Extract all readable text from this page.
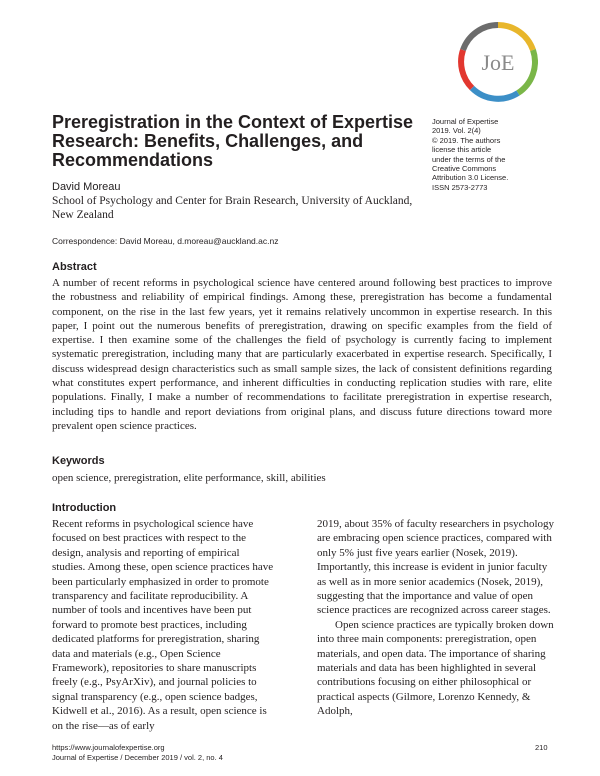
JoE
Preregistration in the Context of Expertise Research: Benefits, Challenges, and Recommendations
Journal of Expertise
2019. Vol. 2(4)
© 2019. The authors
license this article
under the terms of the
Creative Commons
Attribution 3.0 License.
ISSN 2573-2773
David Moreau
School of Psychology and Center for Brain Research, University of Auckland, New Zealand
Correspondence: David Moreau, d.moreau@auckland.ac.nz
Abstract

A number of recent reforms in psychological science have centered around following best practices to improve the robustness and reliability of empirical findings. Among these, preregistration has become a fundamental component, on the rise in the last few years, yet it remains relatively uncommon in expertise research. In this paper, I point out the numerous benefits of preregistration, drawing on specific examples from the field of expertise. I then examine some of the challenges the field of psychology is currently facing to implement systematic preregistration, including many that are particularly exacerbated in expertise research. Specifically, I discuss widespread design characteristics such as small sample sizes, the lack of consistent definitions regarding what constitutes expert performance, and inherent difficulties in conducting replication studies with rare, elite populations. Finally, I make a number of recommendations to facilitate preregistration in expertise research, including tips to handle and report deviations from original plans, and discuss future directions toward more prevalent open science practices.

Keywords
open science, preregistration, elite performance, skill, abilities
Introduction

Recent reforms in psychological science have focused on best practices with respect to the design, analysis and reporting of empirical studies. Among these, open science practices have been particularly emphasized in order to promote transparency and facilitate reproducibility. A number of tools and incentives have been put forward to promote best practices, including dedicated platforms for preregistration, sharing data and materials (e.g., Open Science Framework), repositories to share manuscripts freely (e.g., PsyArXiv), and journal policies to signal transparency (e.g., open science badges, Kidwell et al., 2016). As a result, open science is on the rise—as of early

2019, about 35% of faculty researchers in psychology are embracing open science practices, compared with only 5% just five years earlier (Nosek, 2019). Importantly, this increase is evident in junior faculty as well as in more senior academics (Nosek, 2019), suggesting that the importance and value of open science practices are recognized across career stages.

Open science practices are typically broken down into three main components: preregistration, open materials, and open data. The importance of sharing materials and data has been highlighted in several contributions focusing on either philosophical or practical aspects (Gilmore, Lorenzo Kennedy, & Adolph,

https://www.journalofexpertise.org
Journal of Expertise / December 2019 / vol. 2, no. 4
210
